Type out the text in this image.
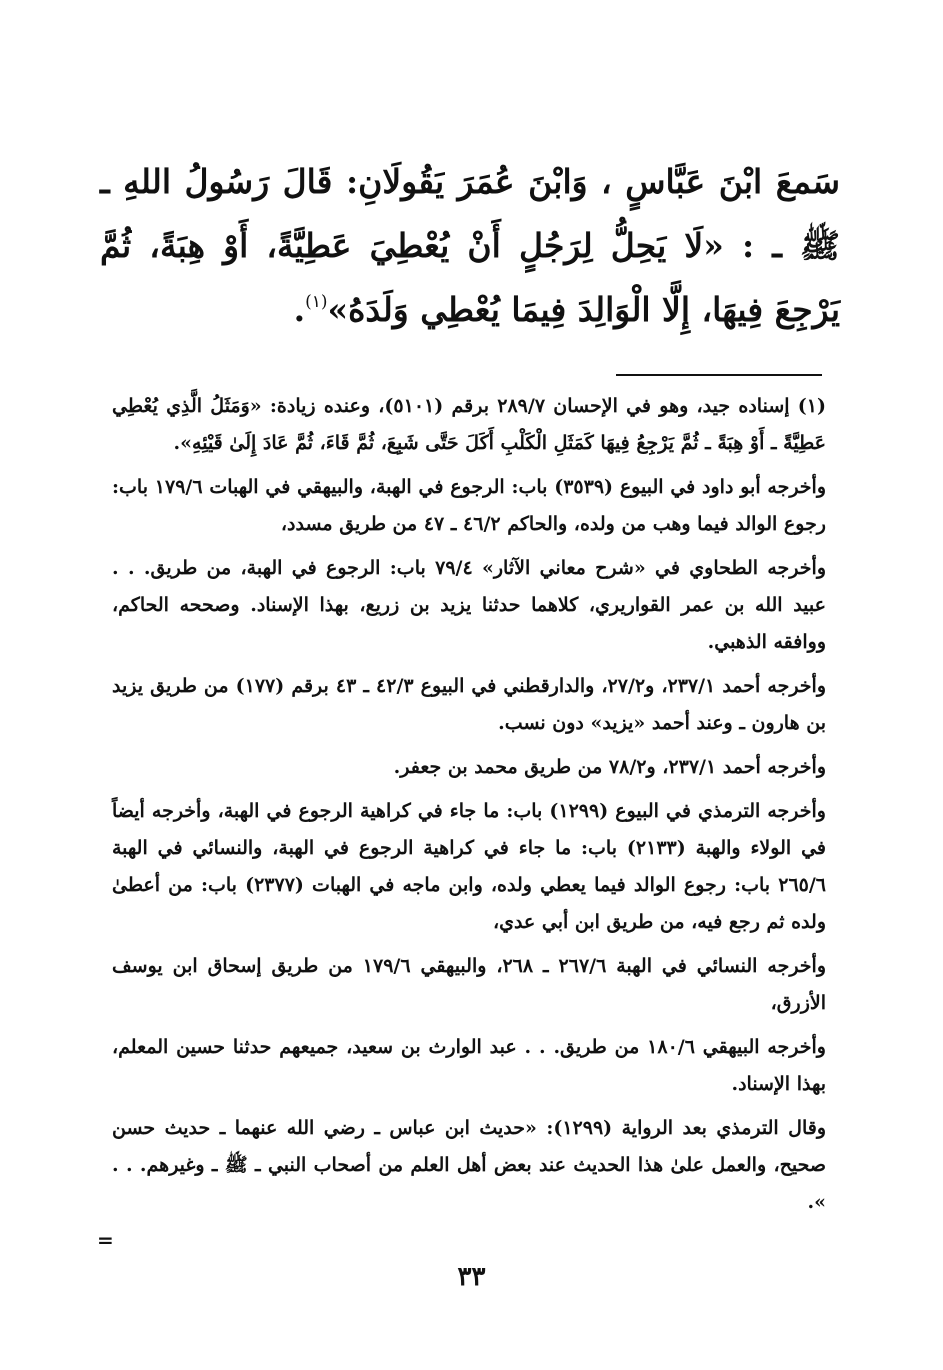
سَمعَ ابْنَ عَبَّاسٍ ، وَابْنَ عُمَرَ يَقُولَانِ: قَالَ رَسُولُ اللهِ ـ ﷺ ـ : «لَا يَحِلُّ لِرَجُلٍ أَنْ يُعْطِيَ عَطِيَّةً، أَوْ هِبَةً، ثُمَّ يَرْجِعَ فِيهَا، إِلَّا الْوَالِدَ فِيمَا يُعْطِي وَلَدَهُ»$^{(١)}$.

(١) إسناده جيد، وهو في الإحسان ٢٨٩/٧ برقم (٥١٠١)، وعنده زيادة: «وَمَثَلُ الَّذِي يُعْطِي عَطِيَّةً ـ أَوْ هِبَةً ـ ثُمَّ يَرْجِعُ فِيهَا كَمَثَلِ الْكَلْبِ أَكَلَ حَتَّى شَبِعَ، ثُمَّ قَاءَ، ثُمَّ عَادَ إِلَىٰ قَيْئِهِ».

وأخرجه أبو داود في البيوع (٣٥٣٩) باب: الرجوع في الهبة، والبيهقي في الهبات ١٧٩/٦ باب: رجوع الوالد فيما وهب من ولده، والحاكم ٤٦/٢ ـ ٤٧ من طريق مسدد،

وأخرجه الطحاوي في «شرح معاني الآثار» ٧٩/٤ باب: الرجوع في الهبة، من طريق. . . عبيد الله بن عمر القواريري، كلاهما حدثنا يزيد بن زريع، بهذا الإسناد. وصححه الحاكم، ووافقه الذهبي.

وأخرجه أحمد ٢٣٧/١، و٢٧/٢، والدارقطني في البيوع ٤٢/٣ ـ ٤٣ برقم (١٧٧) من طريق يزيد بن هارون ـ وعند أحمد «يزيد» دون نسب.

وأخرجه أحمد ٢٣٧/١، و٧٨/٢ من طريق محمد بن جعفر.

وأخرجه الترمذي في البيوع (١٢٩٩) باب: ما جاء في كراهية الرجوع في الهبة، وأخرجه أيضاً في الولاء والهبة (٢١٣٣) باب: ما جاء في كراهية الرجوع في الهبة، والنسائي في الهبة ٢٦٥/٦ باب: رجوع الوالد فيما يعطي ولده، وابن ماجه في الهبات (٢٣٧٧) باب: من أعطىٰ ولده ثم رجع فيه، من طريق ابن أبي عدي،

وأخرجه النسائي في الهبة ٢٦٧/٦ ـ ٢٦٨، والبيهقي ١٧٩/٦ من طريق إسحاق ابن يوسف الأزرق،

وأخرجه البيهقي ١٨٠/٦ من طريق. . . عبد الوارث بن سعيد، جميعهم حدثنا حسين المعلم، بهذا الإسناد.

وقال الترمذي بعد الرواية (١٢٩٩): «حديث ابن عباس ـ رضي الله عنهما ـ حديث حسن صحيح، والعمل علىٰ هذا الحديث عند بعض أهل العلم من أصحاب النبي ـ ﷺ ـ وغيرهم. . . ».

=
٣٣
